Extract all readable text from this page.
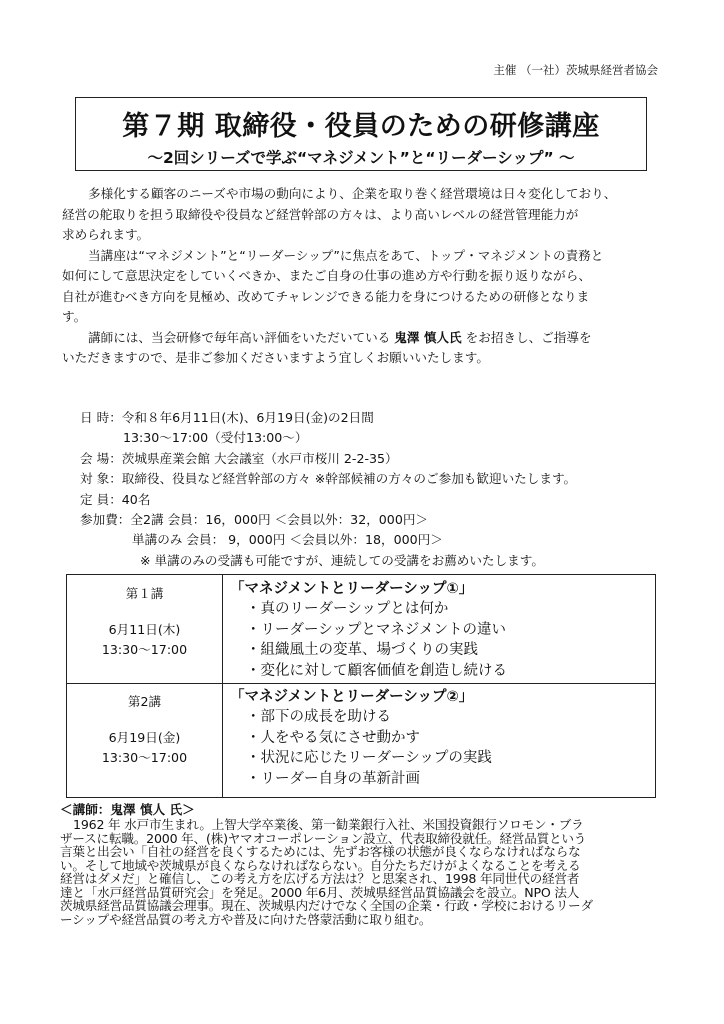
主催 （一社）茨城県経営者協会
第７期 取締役・役員のための研修講座
～2回シリーズで学ぶ“マネジメント”と“リーダーシップ” ～

多様化する顧客のニーズや市場の動向により、企業を取り巻く経営環境は日々変化しており、
経営の舵取りを担う取締役や役員など経営幹部の方々は、より高いレベルの経営管理能力が
求められます。

当講座は“マネジメント”と“リーダーシップ”に焦点をあて、トップ・マネジメントの責務と
如何にして意思決定をしていくべきか、またご自身の仕事の進め方や行動を振り返りながら、
自社が進むべき方向を見極め、改めてチャレンジできる能力を身につけるための研修となりま
す。

講師には、当会研修で毎年高い評価をいただいている 鬼澤 慎人氏 をお招きし、ご指導を
いただきますので、是非ご参加くださいますよう宜しくお願いいたします。

日 時：令和８年6月11日(木)、6月19日(金)の2日間
13:30～17:00（受付13:00～）
会 場：茨城県産業会館 大会議室（水戸市桜川 2-2-35）
対 象：取締役、役員など経営幹部の方々 ※幹部候補の方々のご参加も歓迎いたします。
定 員：40名
参加費：全2講 会員：16，000円 ＜会員以外：32，000円＞
単講のみ 会員： 9，000円 ＜会員以外：18，000円＞
※ 単講のみの受講も可能ですが、連続しての受講をお薦めいたします。
第１講
6月11日(木)
13:30～17:00
「マネジメントとリーダーシップ①」
・真のリーダーシップとは何か
・リーダーシップとマネジメントの違い
・組織風土の変革、場づくりの実践
・変化に対して顧客価値を創造し続ける
第2講
6月19日(金)
13:30～17:00
「マネジメントとリーダーシップ②」
・部下の成長を助ける
・人をやる気にさせ動かす
・状況に応じたリーダーシップの実践
・リーダー自身の革新計画
＜講師：鬼澤 慎人 氏＞

1962 年 水戸市生まれ。上智大学卒業後、第一勧業銀行入社、米国投資銀行ソロモン・ブラ

ザースに転職。2000 年、(株)ヤマオコーポレーション設立、代表取締役就任。経営品質という

言葉と出会い「自社の経営を良くするためには、先ずお客様の状態が良くならなければならな

い。そして地域や茨城県が良くならなければならない。自分たちだけがよくなることを考える

経営はダメだ」と確信し、この考え方を広げる方法は？と思案され、1998 年同世代の経営者

達と「水戸経営品質研究会」を発足。2000 年6月、茨城県経営品質協議会を設立。NPO 法人

茨城県経営品質協議会理事。現在、茨城県内だけでなく全国の企業・行政・学校におけるリーダ

ーシップや経営品質の考え方や普及に向けた啓蒙活動に取り組む。
